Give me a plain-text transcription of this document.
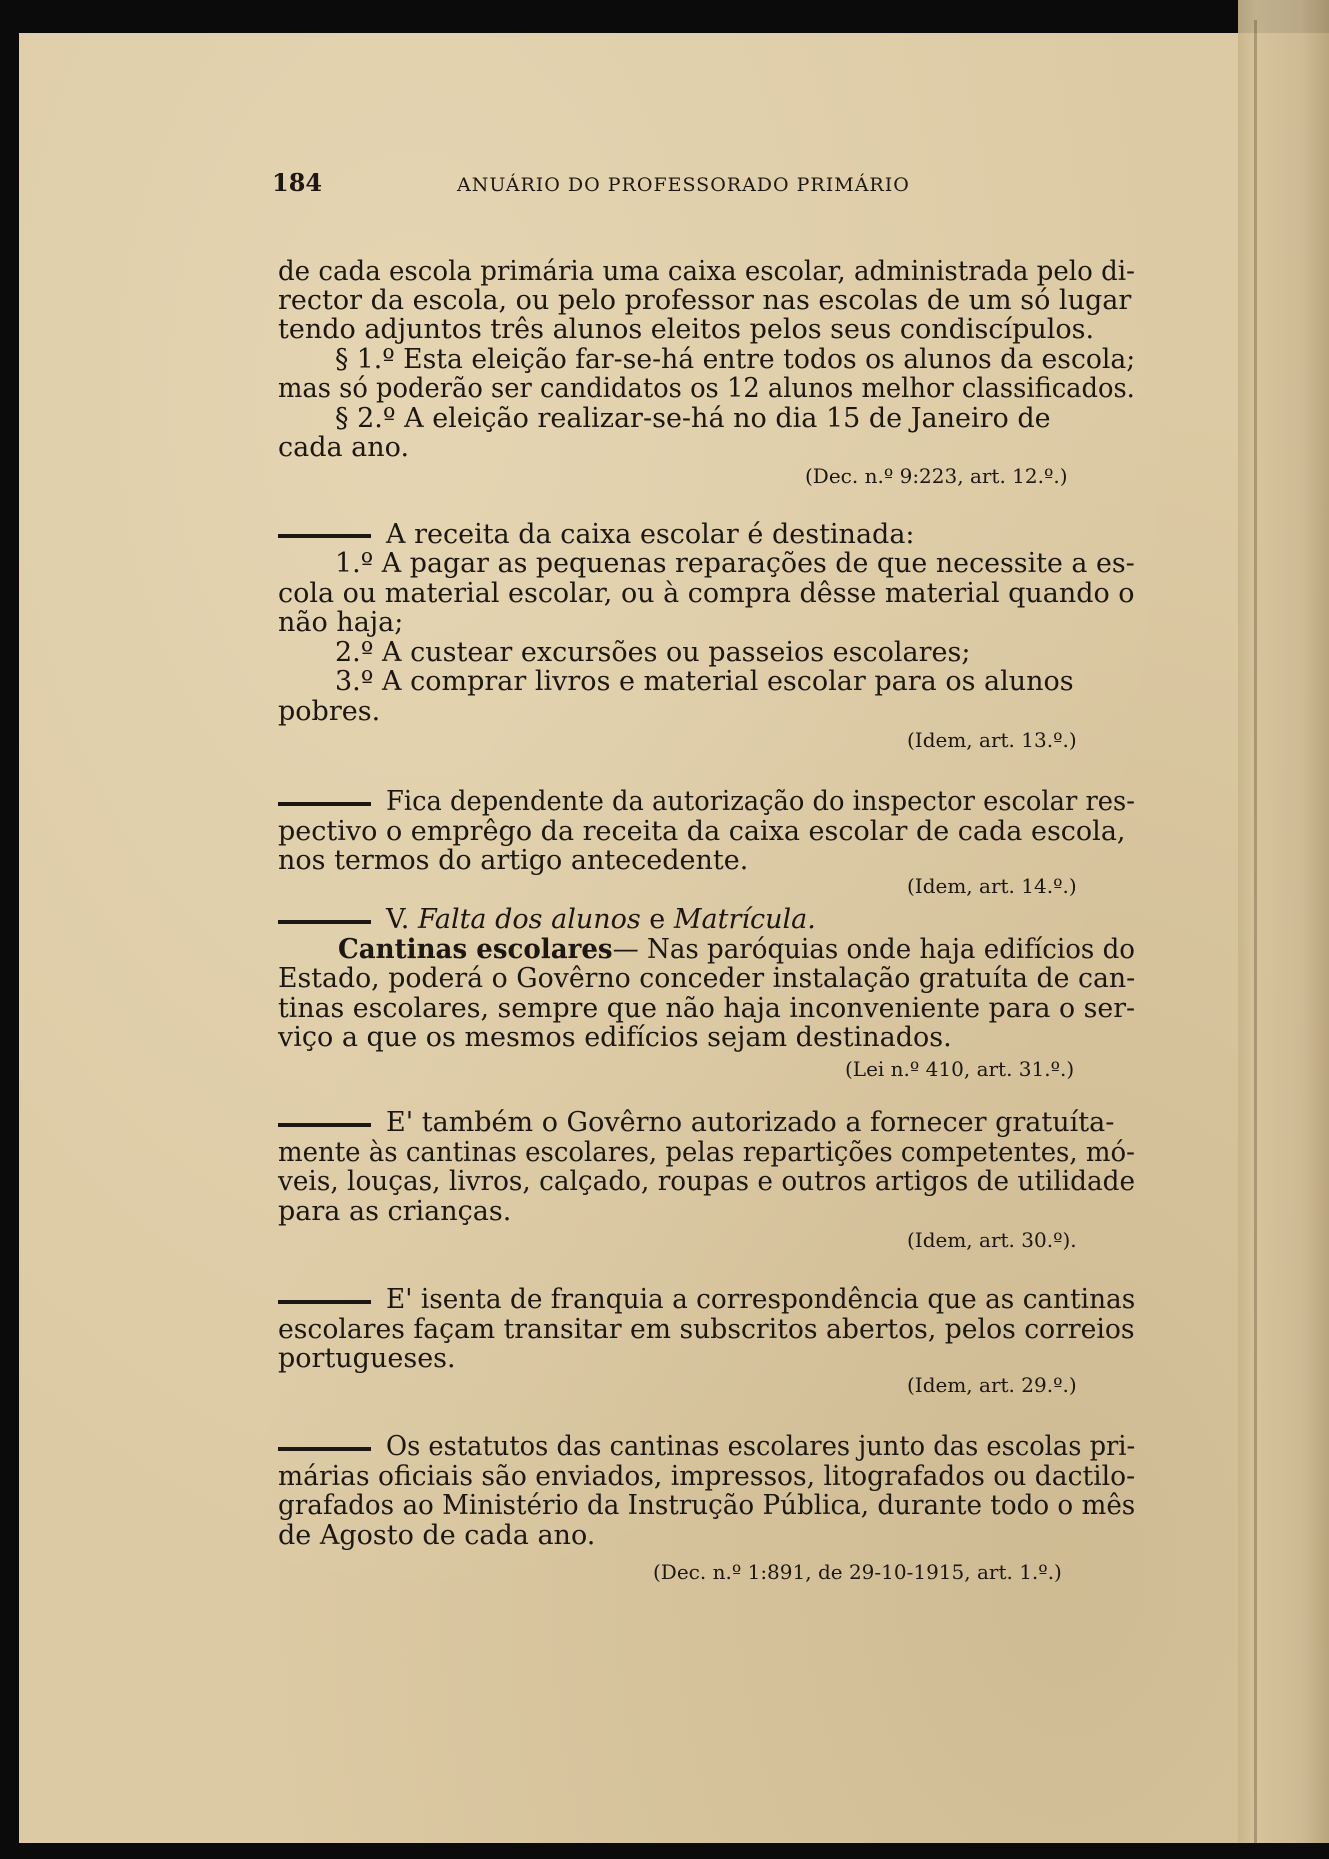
184	ANUÁRIO DO PROFESSORADO PRIMÁRIO
de cada escola primária uma caixa escolar, administrada pelo di-
rector da escola, ou pelo professor nas escolas de um só lugar
tendo adjuntos três alunos eleitos pelos seus condiscípulos.
§ 1.º Esta eleição far-se-há entre todos os alunos da escola;
mas só poderão ser candidatos os 12 alunos melhor classificados.
§ 2.º A eleição realizar-se-há no dia 15 de Janeiro de
cada ano.
(Dec. n.º 9:223, art. 12.º.)
A receita da caixa escolar é destinada:
1.º A pagar as pequenas reparações de que necessite a es-
cola ou material escolar, ou à compra dêsse material quando o
não haja;
2.º A custear excursões ou passeios escolares;
3.º A comprar livros e material escolar para os alunos
pobres.
(Idem, art. 13.º.)
Fica dependente da autorização do inspector escolar res-
pectivo o emprêgo da receita da caixa escolar de cada escola,
nos termos do artigo antecedente.
(Idem, art. 14.º.)
V. Falta dos alunos e Matrícula.
Cantinas escolares— Nas paróquias onde haja edifícios do
Estado, poderá o Govêrno conceder instalação gratuíta de can-
tinas escolares, sempre que não haja inconveniente para o ser-
viço a que os mesmos edifícios sejam destinados.
(Lei n.º 410, art. 31.º.)
E' também o Govêrno autorizado a fornecer gratuíta-
mente às cantinas escolares, pelas repartições competentes, mó-
veis, louças, livros, calçado, roupas e outros artigos de utilidade
para as crianças.
(Idem, art. 30.º).
E' isenta de franquia a correspondência que as cantinas
escolares façam transitar em subscritos abertos, pelos correios
portugueses.
(Idem, art. 29.º.)
Os estatutos das cantinas escolares junto das escolas pri-
márias oficiais são enviados, impressos, litografados ou dactilo-
grafados ao Ministério da Instrução Pública, durante todo o mês
de Agosto de cada ano.
(Dec. n.º 1:891, de 29-10-1915, art. 1.º.)
